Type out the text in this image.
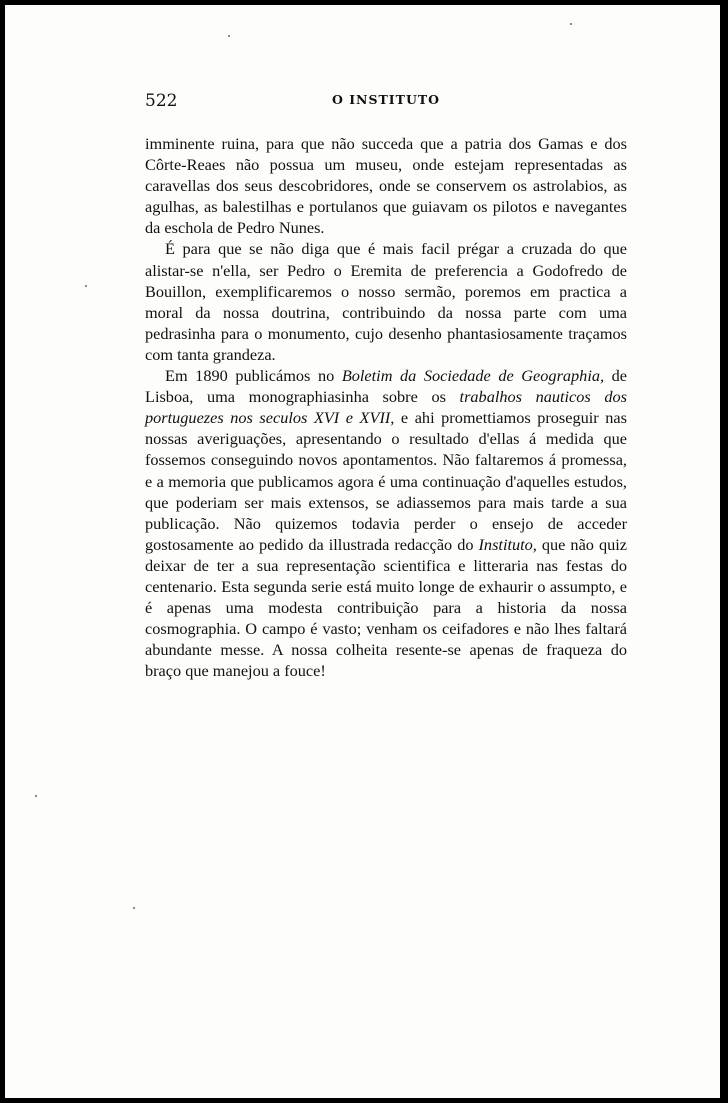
522	O INSTITUTO

imminente ruina, para que não succeda que a patria dos Gamas e dos Côrte-Reaes não possua um museu, onde estejam representadas as caravellas dos seus descobridores, onde se conservem os astrolabios, as agulhas, as balestilhas e portulanos que guiavam os pilotos e navegantes da eschola de Pedro Nunes.

É para que se não diga que é mais facil prégar a cruzada do que alistar-se n'ella, ser Pedro o Eremita de preferencia a Godofredo de Bouillon, exemplificaremos o nosso sermão, poremos em practica a moral da nossa doutrina, contribuindo da nossa parte com uma pedrasinha para o monumento, cujo desenho phantasiosamente traçamos com tanta grandeza.

Em 1890 publicámos no Boletim da Sociedade de Geographia, de Lisboa, uma monographiasinha sobre os trabalhos nauticos dos portuguezes nos seculos XVI e XVII, e ahi promettiamos proseguir nas nossas averiguações, apresentando o resultado d'ellas á medida que fossemos conseguindo novos apontamentos. Não faltaremos á promessa, e a memoria que publicamos agora é uma continuação d'aquelles estudos, que poderiam ser mais extensos, se adiassemos para mais tarde a sua publicação. Não quizemos todavia perder o ensejo de acceder gostosamente ao pedido da illustrada redacção do Instituto, que não quiz deixar de ter a sua representação scientifica e litteraria nas festas do centenario. Esta segunda serie está muito longe de exhaurir o assumpto, e é apenas uma modesta contribuição para a historia da nossa cosmographia. O campo é vasto; venham os ceifadores e não lhes faltará abundante messe. A nossa colheita resente-se apenas de fraqueza do braço que manejou a fouce!
